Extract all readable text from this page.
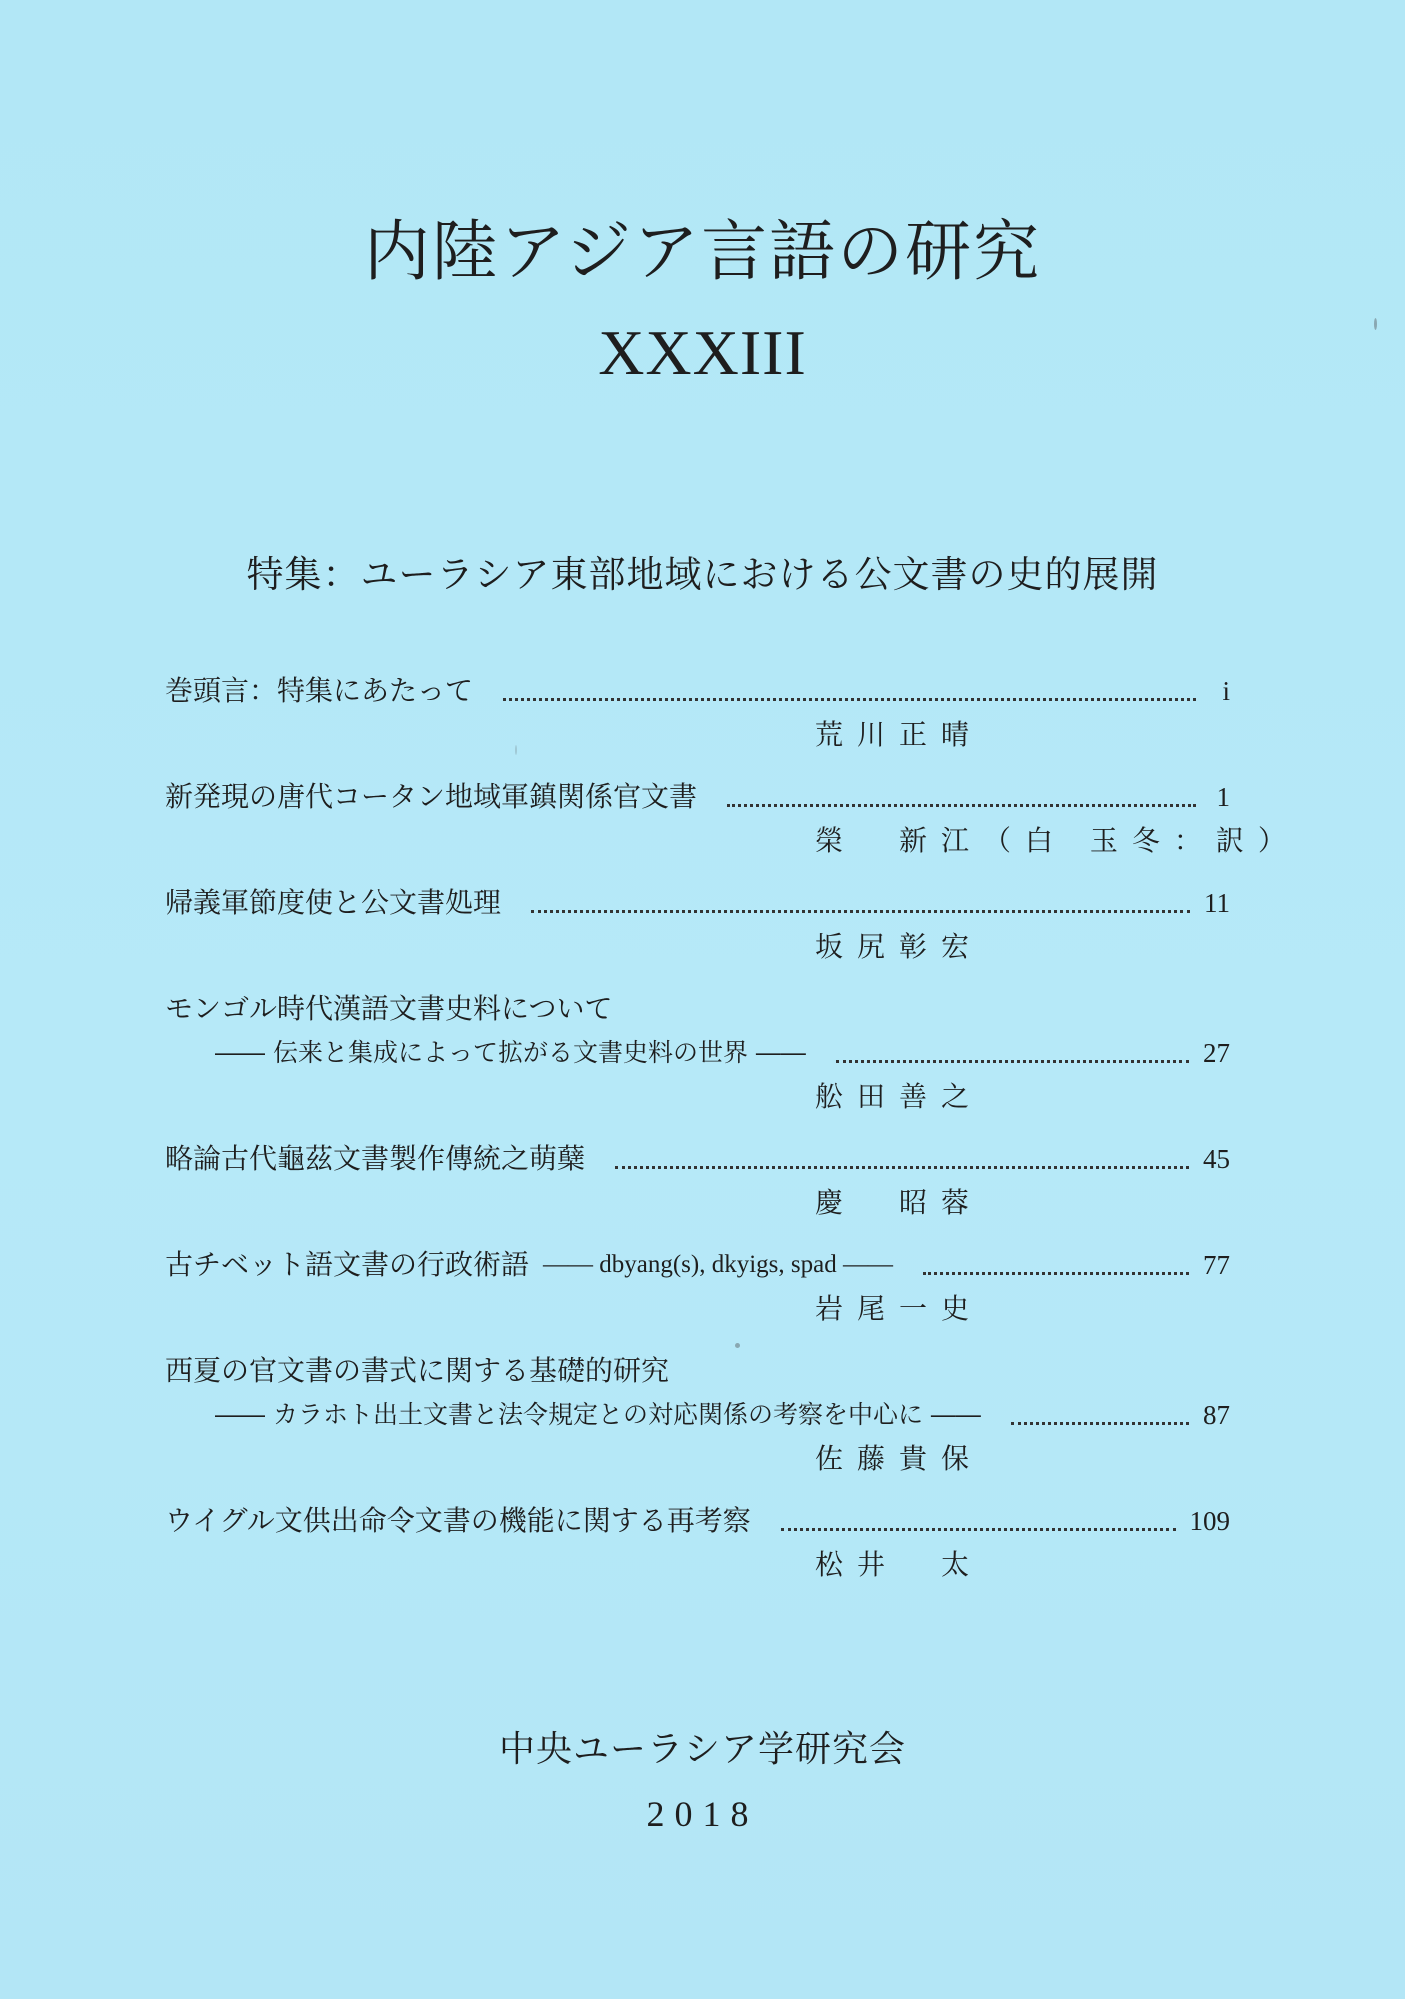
内陸アジア言語の研究
XXXIII
特集：ユーラシア東部地域における公文書の史的展開
巻頭言：特集にあたって	i
荒川正晴
新発現の唐代コータン地域軍鎮関係官文書	1
榮　新江（白 玉冬：訳）
帰義軍節度使と公文書処理	11
坂尻彰宏
モンゴル時代漢語文書史料について
―― 伝来と集成によって拡がる文書史料の世界 ――	27
舩田善之
略論古代龜茲文書製作傳統之萌蘖	45
慶　昭蓉
古チベット語文書の行政術語 ―― dbyang(s), dkyigs, spad ――	77
岩尾一史
西夏の官文書の書式に関する基礎的研究
―― カラホト出土文書と法令規定との対応関係の考察を中心に ――	87
佐藤貴保
ウイグル文供出命令文書の機能に関する再考察	109
松井　太
中央ユーラシア学研究会
2018
